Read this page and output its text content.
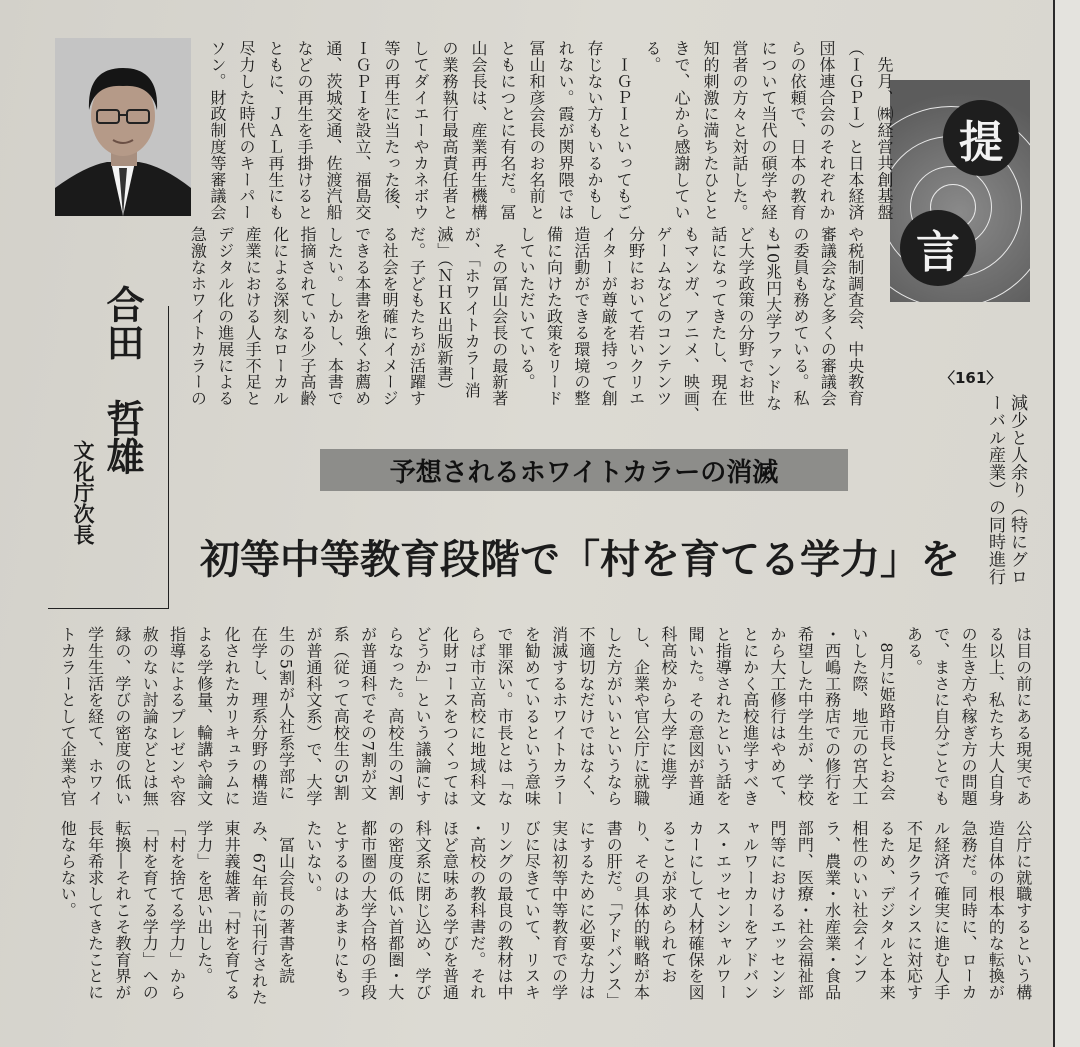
提
言
〈161〉
　先月、㈱経営共創基盤
（ＩＧＰＩ）と日本経済
団体連合会のそれぞれか
らの依頼で、日本の教育
について当代の碩学や経
営者の方々と対話した。
知的刺激に満ちたひとと
きで、心から感謝してい
る。
　ＩＧＰＩといってもご
存じない方もいるかもし
れない。霞が関界隈では
冨山和彦会長のお名前と
ともにつとに有名だ。冨
山会長は、産業再生機構
の業務執行最高責任者と
してダイエーやカネボウ
等の再生に当たった後、
ＩＧＰＩを設立、福島交
通、茨城交通、佐渡汽船
などの再生を手掛けると
ともに、ＪＡＬ再生にも
尽力した時代のキーパー
ソン。財政制度等審議会
や税制調査会、中央教育
審議会など多くの審議会
の委員も務めている。私
も10兆円大学ファンドな
ど大学政策の分野でお世
話になってきたし、現在
もマンガ、アニメ、映画、
ゲームなどのコンテンツ
分野において若いクリエ
イターが尊厳を持って創
造活動ができる環境の整
備に向けた政策をリード
していただいている。
　その冨山会長の最新著
が、「ホワイトカラー消
滅」（ＮＨＫ出版新書）
だ。子どもたちが活躍す
る社会を明確にイメージ
できる本書を強くお薦め
したい。しかし、本書で
指摘されている少子高齢
化による深刻なローカル
産業における人手不足と
デジタル化の進展による
急激なホワイトカラーの
減少と人余り（特にグロ
ーバル産業）の同時進行
は目の前にある現実であ
る以上、私たち大人自身
の生き方や稼ぎ方の問題
で、まさに自分ごとでも
ある。
　8月に姫路市長とお会
いした際、地元の宮大工
・西嶋工務店での修行を
希望した中学生が、学校
から大工修行はやめて、
とにかく高校進学すべき
と指導されたという話を
聞いた。その意図が普通
科高校から大学に進学
し、企業や官公庁に就職
した方がいいというなら
不適切なだけではなく、
消滅するホワイトカラー
を勧めているという意味
で罪深い。市長とは「な
らば市立高校に地域科文
化財コースをつくっては
どうか」という議論にす
らなった。高校生の7割
が普通科でその7割が文
系（従って高校生の5割
が普通科文系）で、大学
生の5割が人社系学部に
在学し、理系分野の構造
化されたカリキュラムに
よる学修量、輪講や論文
指導によるプレゼンや容
赦のない討論などとは無
縁の、学びの密度の低い
学生生活を経て、ホワイ
トカラーとして企業や官
公庁に就職するという構
造自体の根本的な転換が
急務だ。同時に、ローカ
ル経済で確実に進む人手
不足クライシスに対応す
るため、デジタルと本来
相性のいい社会インフ
ラ、農業・水産業・食品
部門、医療・社会福祉部
門等におけるエッセンシ
ャルワーカーをアドバン
ス・エッセンシャルワー
カーにして人材確保を図
ることが求められてお
り、その具体的戦略が本
書の肝だ。「アドバンス」
にするために必要な力は
実は初等中等教育での学
びに尽きていて、リスキ
リングの最良の教材は中
・高校の教科書だ。それ
ほど意味ある学びを普通
科文系に閉じ込め、学び
の密度の低い首都圏・大
都市圏の大学合格の手段
とするのはあまりにもっ
たいない。
　冨山会長の著書を読
み、67年前に刊行された
東井義雄著「村を育てる
学力」を思い出した。
「村を捨てる学力」から
「村を育てる学力」への
転換―それこそ教育界が
長年希求してきたことに
他ならない。
合田　哲雄
文化庁次長	予想されるホワイトカラーの消滅
初等中等教育段階で「村を育てる学力」を
